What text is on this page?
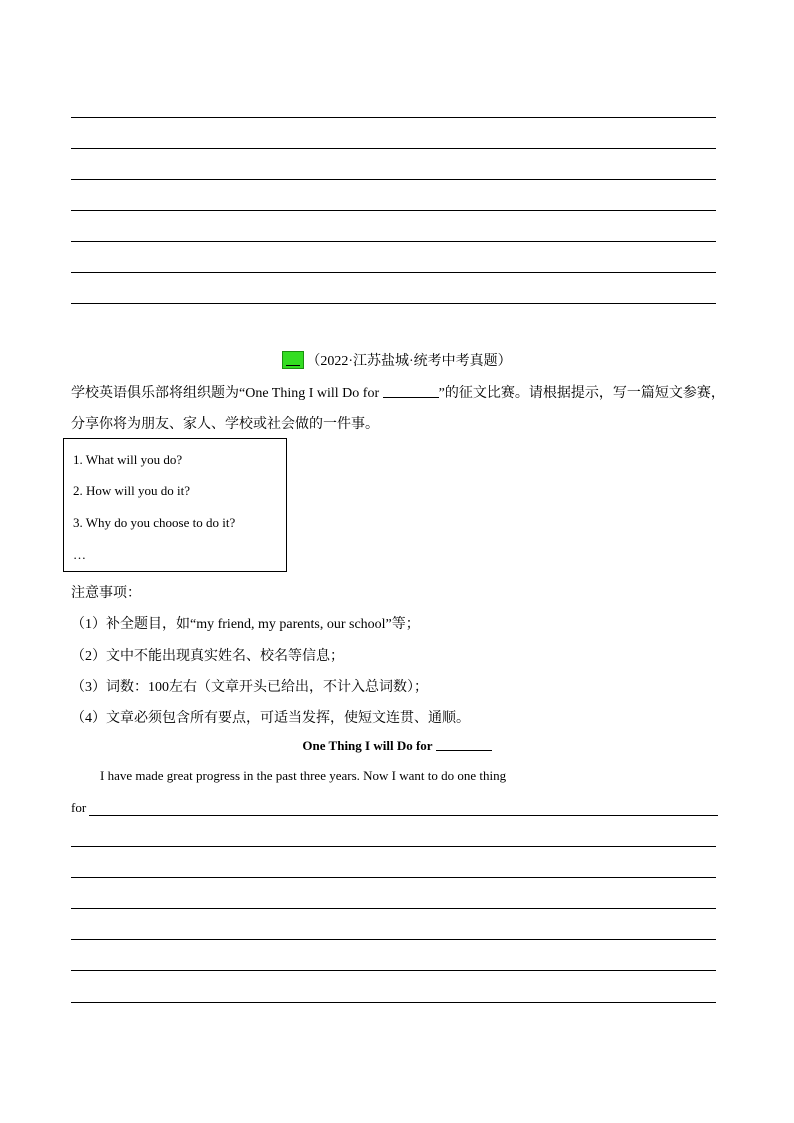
（2022·江苏盐城·统考中考真题）
学校英语俱乐部将组织题为“One Thing I will Do for	”的征文比赛。请根据提示，写一篇短文参赛，
分享你将为朋友、家人、学校或社会做的一件事。
1. What will you do?
2. How will you do it?
3. Why do you choose to do it?
…
注意事项：
（1）补全题目，如“my friend, my parents, our school”等；
（2）文中不能出现真实姓名、校名等信息；
（3）词数：100左右（文章开头已给出，不计入总词数）；
（4）文章必须包含所有要点，可适当发挥，使短文连贯、通顺。
One Thing I will Do for
I have made great progress in the past three years. Now I want to do one thing
for
